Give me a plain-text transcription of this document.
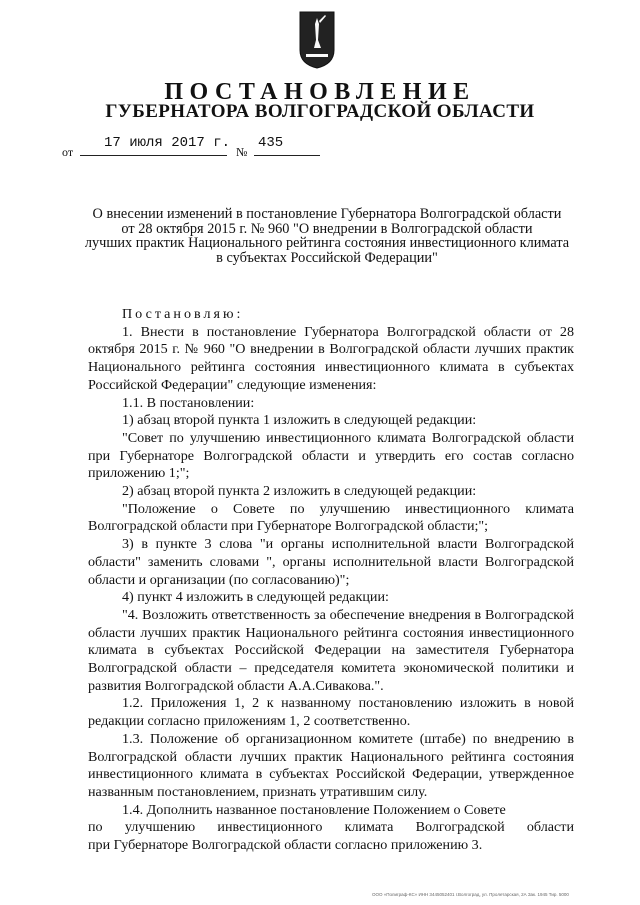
ПОСТАНОВЛЕНИЕ
ГУБЕРНАТОРА ВОЛГОГРАДСКОЙ ОБЛАСТИ
от
17 июля 2017 г.
№
435
О внесении изменений в постановление Губернатора Волгоградской области
от 28 октября 2015 г. № 960 "О внедрении в Волгоградской области
лучших практик Национального рейтинга состояния инвестиционного климата
в субъектах Российской Федерации"

Постановляю:

1. Внести в постановление Губернатора Волгоградской области от 28 октября 2015 г. № 960 "О внедрении в Волгоградской области лучших практик Национального рейтинга состояния инвестиционного климата в субъектах Российской Федерации" следующие изменения:

1.1. В постановлении:

1) абзац второй пункта 1 изложить в следующей редакции:

"Совет по улучшению инвестиционного климата Волгоградской области при Губернаторе Волгоградской области и утвердить его состав согласно приложению 1;";

2) абзац второй пункта 2 изложить в следующей редакции:

"Положение о Совете по улучшению инвестиционного климата Волгоградской области при Губернаторе Волгоградской области;";

3) в пункте 3 слова "и органы исполнительной власти Волгоградской области" заменить словами ", органы исполнительной власти Волгоградской области и организации (по согласованию)";

4) пункт 4 изложить в следующей редакции:

"4. Возложить ответственность за обеспечение внедрения в Волгоградской области лучших практик Национального рейтинга состояния инвестиционного климата в субъектах Российской Федерации на заместителя Губернатора Волгоградской области – председателя комитета экономической политики и развития Волгоградской области А.А.Сивакова.".

1.2. Приложения 1, 2 к названному постановлению изложить в новой редакции согласно приложениям 1, 2 соответственно.

1.3. Положение об организационном комитете (штабе) по внедрению в Волгоградской области лучших практик Национального рейтинга состояния инвестиционного климата в субъектах Российской Федерации, утвержденное названным постановлением, признать утратившим силу.

1.4. Дополнить названное постановление Положением о Совете

по улучшению инвестиционного климата Волгоградской области

при Губернаторе Волгоградской области согласно приложению 3.

ООО «Полиграф-КС» ИНН 3445052401 г.Волгоград, ул. Пролетарская, 2А Зак. 1945 Тир. 5000
